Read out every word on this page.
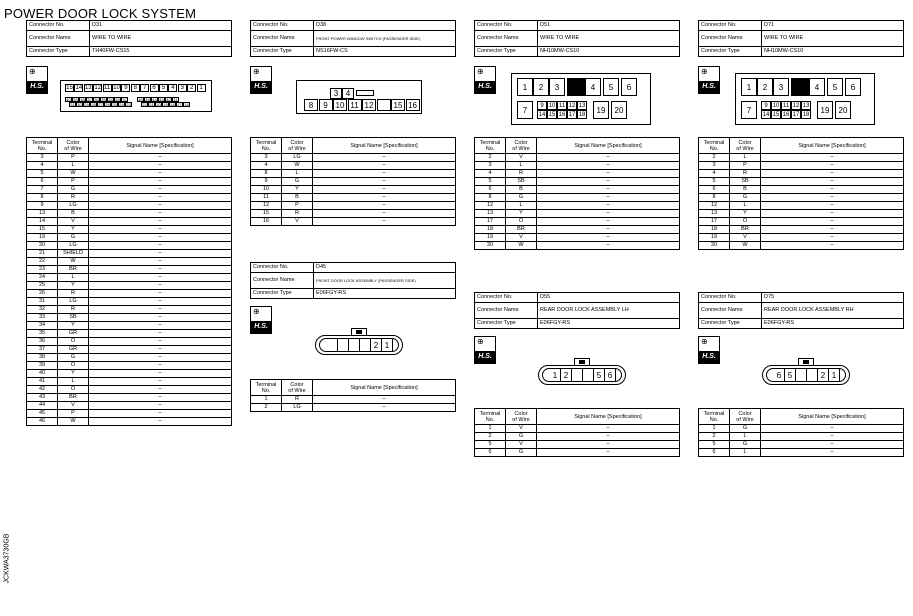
POWER DOOR LOCK SYSTEM
JCKWA3730GB
Connector No.	D31
Connector Name	WIRE TO WIRE
Connector Type	TH40FW-CS15
⊕
H.S.	15 14 13 12 11 10 9	8	7	6	5	4	3	2	1
40 39 38 37 36 35 34 33 32	46 45 44 43 42 41
31 30 29 28 27 26 25 24 23	22 21 20 19 18 17 16
Terminal
No.	Color
of Wire	Signal Name [Specification]
3	P	–
4	L	–
5	W	–
6	P	–
7	G	–
8	R	–
9	LG	–
13	B	–
14	V	–
15	Y	–
19	G	–
20	LG	–
21	SHIELD	–
22	W	–
23	BR	–
24	L	–
25	Y	–
26	R	–
31	LG	–
32	R	–
33	SB	–
34	Y	–
35	GR	–
36	O	–
37	GR	–
38	G	–
39	O	–
40	Y	–
41	L	–
42	O	–
43	BR	–
44	V	–
45	P	–
46	W	–
Connector No.	D38
Connector Name	FRONT POWER WINDOW SWITCH (PASSENGER SIDE)
Connector Type	NS16FW-CS
⊕
H.S.
3 4
8	9 10 11 12	15 16
Terminal
No.	Color
of Wire	Signal Name [Specification]
3	LG	–
4	W	–
8	L	–
9	G	–
10	Y	–
11	B	–
12	P	–
15	R	–
16	V	–
Connector No.	D45
Connector Name	FRONT DOOR LOCK ASSEMBLY (PASSENGER SIDE)
Connector Type	E06FGY-RS
⊕
H.S.
2 1
Terminal
No.	Color
of Wire	Signal Name [Specification]
1	R	–
2	LG	–
Connector No.	D51
Connector Name	WIRE TO WIRE
Connector Type	NH10MW-CS10
⊕
H.S.	1	2	3	4	5	6
7	9 10 11 12 13
14 15 16 17 18	19	20
Terminal
No.	Color
of Wire	Signal Name [Specification]
2	V	–
3	L	–
4	R	–
5	SB	–
6	B	–
8	G	–
12	L	–
13	Y	–
17	O	–
18	BR	–
19	V	–
20	W	–
Connector No.	D55
Connector Name	REAR DOOR LOCK ASSEMBLY LH
Connector Type	E06FGY-RS
⊕
H.S.
1 2	5 6
Terminal
No.	Color
of Wire	Signal Name [Specification]
1	V	–
2	G	–
5	V	–
6	G	–
Connector No.	D71
Connector Name	WIRE TO WIRE
Connector Type	NH10MW-CS10
⊕
H.S.	1	2	3	4	5	6
7	9 10 11 12 13
14 15 16 17 18	19	20
Terminal
No.	Color
of Wire	Signal Name [Specification]
2	L	–
3	P	–
4	R	–
5	SB	–
6	B	–
8	G	–
12	L	–
13	Y	–
17	O	–
18	BR	–
19	V	–
20	W	–
Connector No.	D75
Connector Name	REAR DOOR LOCK ASSEMBLY RH
Connector Type	E06FGY-RS
⊕
H.S.
6 5	2 1
Terminal
No.	Color
of Wire	Signal Name [Specification]
1	G	–
2	L	–
5	G	–
6	L	–
